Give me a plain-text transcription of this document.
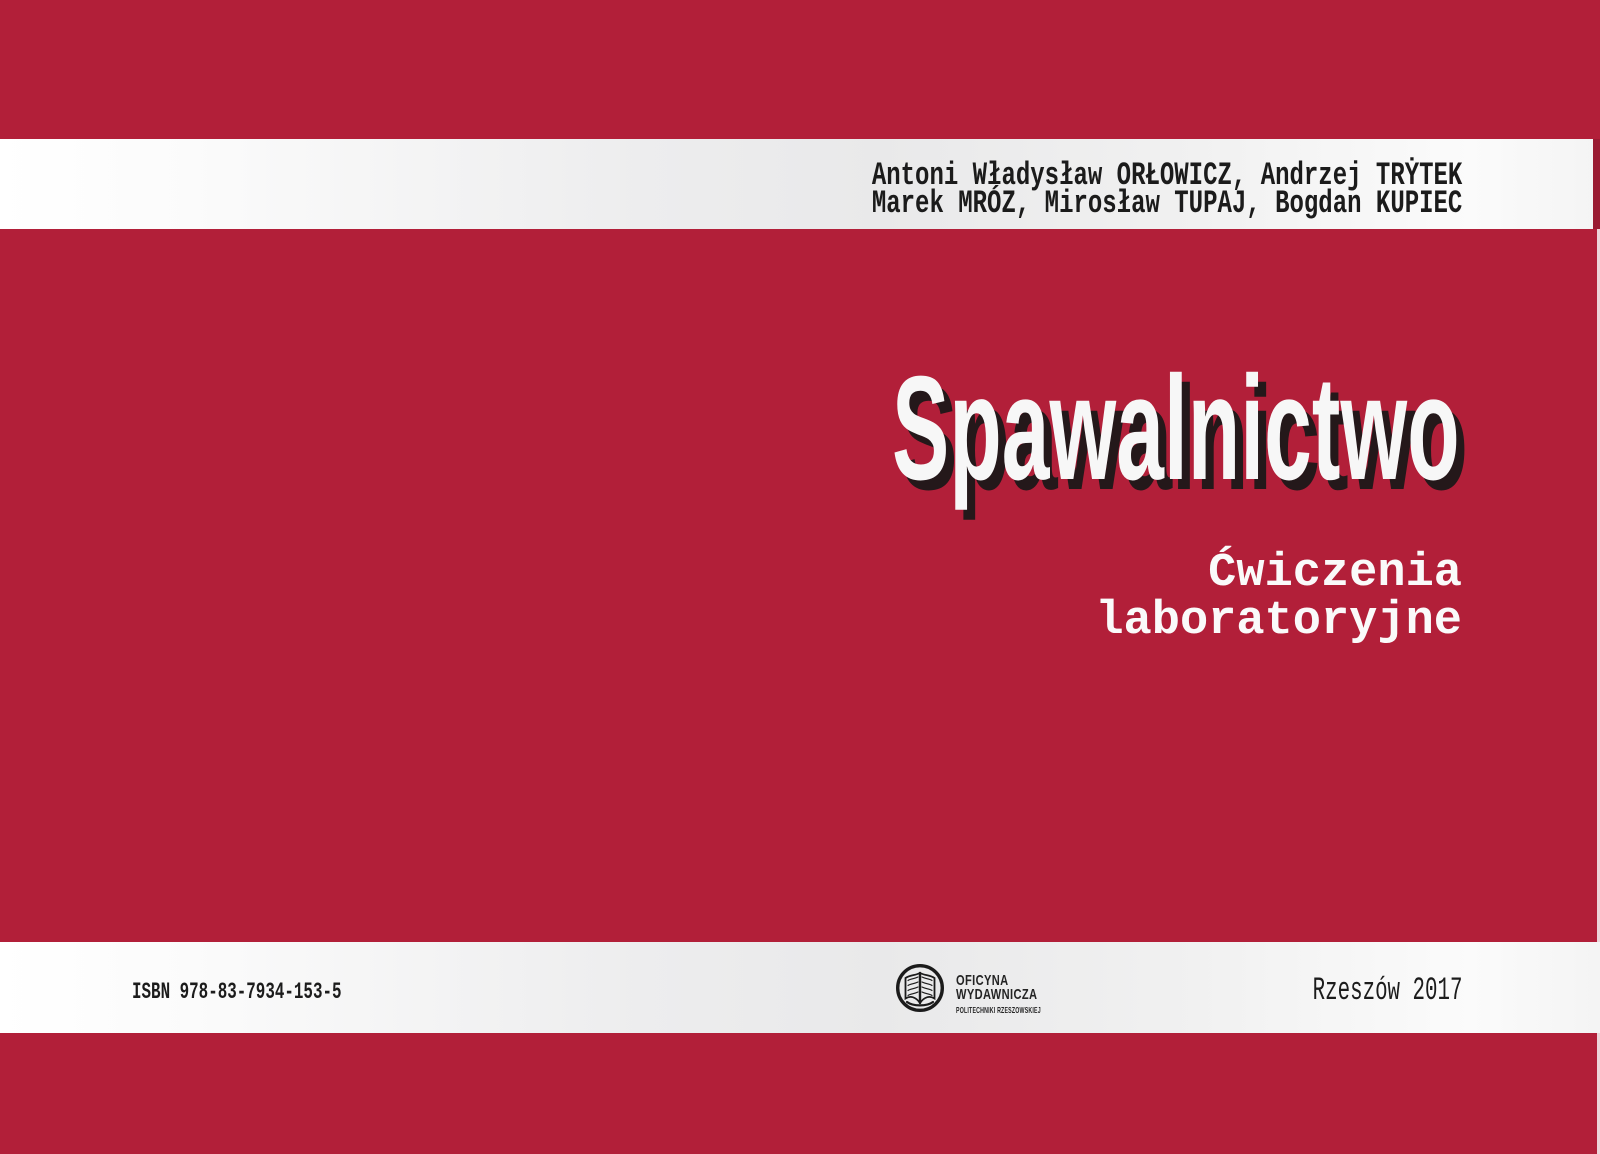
Antoni Władysław ORŁOWICZ, Andrzej TRẎTEK
Marek MRÓZ, Mirosław TUPAJ, Bogdan KUPIEC
Spawalnictwo
Ćwiczenia
laboratoryjne
ISBN 978-83-7934-153-5	OFICYNA
WYDAWNICZA
POLITECHNIKI RZESZOWSKIEJ
Rzeszów 2017
